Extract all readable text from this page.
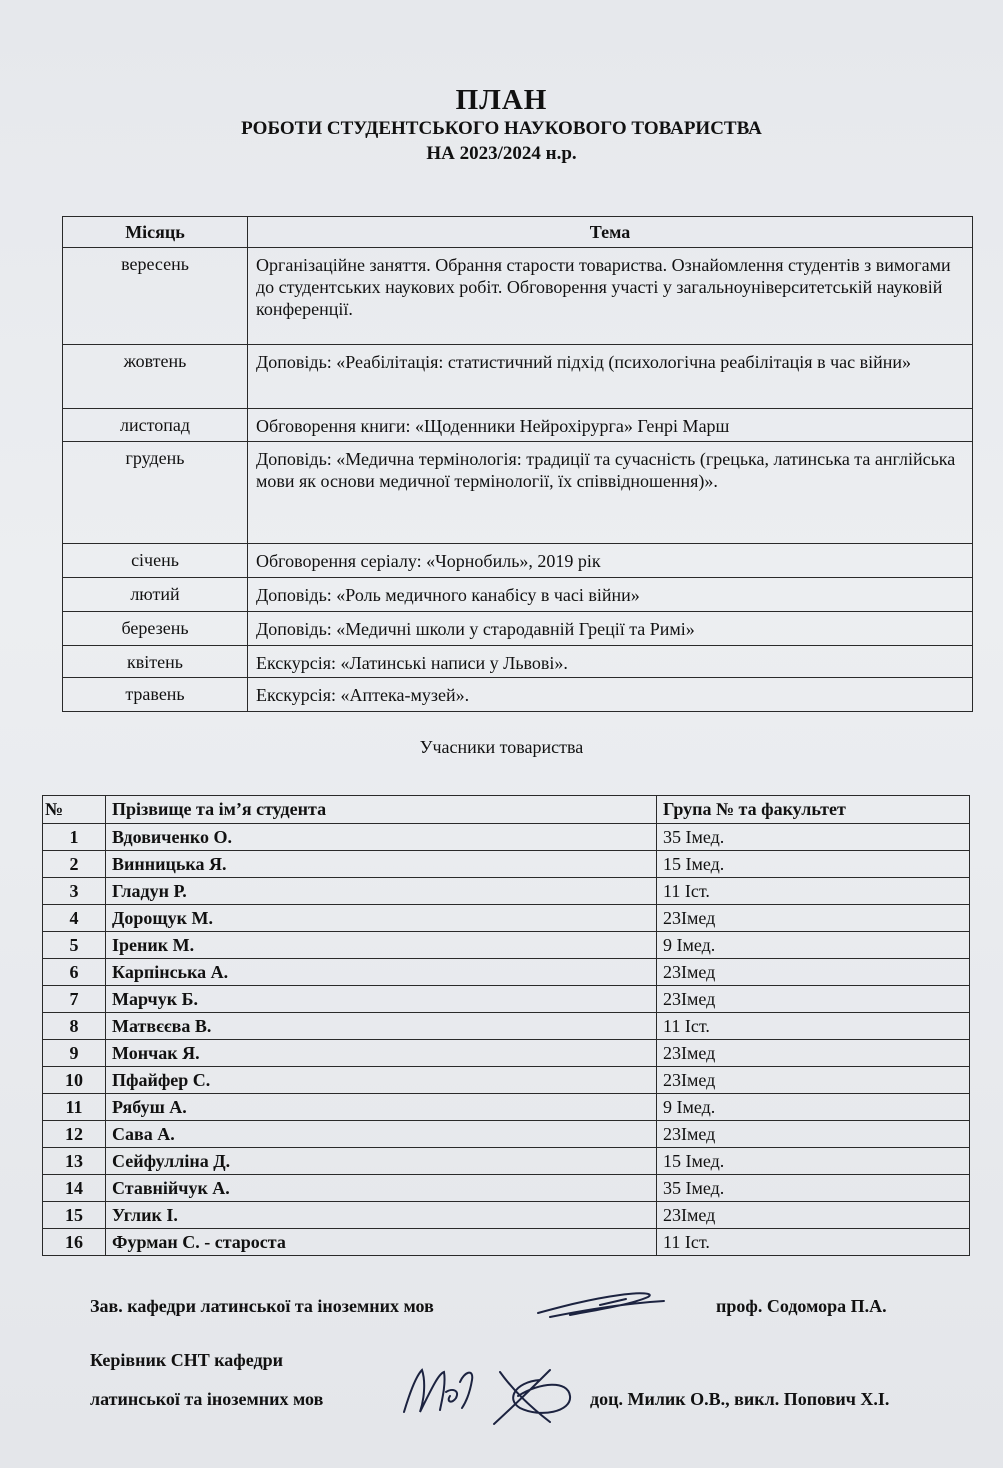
ПЛАН
РОБОТИ СТУДЕНТСЬКОГО НАУКОВОГО ТОВАРИСТВА
НА 2023/2024 н.р.
Місяць	Тема
вересень	Організаційне заняття. Обрання старости товариства. Ознайомлення студентів з вимогами до студентських наукових робіт. Обговорення участі у загальноуніверситетській науковій конференції.
жовтень	Доповідь: «Реабілітація: статистичний підхід (психологічна реабілітація в час війни»
листопад	Обговорення книги: «Щоденники Нейрохірурга» Генрі Марш
грудень	Доповідь: «Медична термінологія: традиції та сучасність (грецька, латинська та англійська мови як основи медичної термінології, їх співвідношення)».
січень	Обговорення серіалу: «Чорнобиль», 2019 рік
лютий	Доповідь: «Роль медичного канабісу в часі війни»
березень	Доповідь: «Медичні школи у стародавній Греції та Римі»
квітень	Екскурсія: «Латинські написи у Львові».
травень	Екскурсія: «Аптека-музей».
Учасники товариства
№	Прізвище та ім’я студента	Група № та факультет
1	Вдовиченко О.	35 Імед.
2	Винницька Я.	15 Імед.
3	Гладун Р.	11 Іст.
4	Дорощук М.	23Імед
5	Іреник М.	9 Імед.
6	Карпінська А.	23Імед
7	Марчук Б.	23Імед
8	Матвєєва В.	11 Іст.
9	Мончак Я.	23Імед
10	Пфайфер С.	23Імед
11	Рябуш А.	9 Імед.
12	Сава А.	23Імед
13	Сейфулліна Д.	15 Імед.
14	Ставнійчук А.	35 Імед.
15	Углик І.	23Імед
16	Фурман С. - староста	11 Іст.
Зав. кафедри латинської та іноземних мов	проф. Содомора П.А.
Керівник СНТ кафедри
латинської та іноземних мов	доц. Милик О.В., викл. Попович Х.І.
